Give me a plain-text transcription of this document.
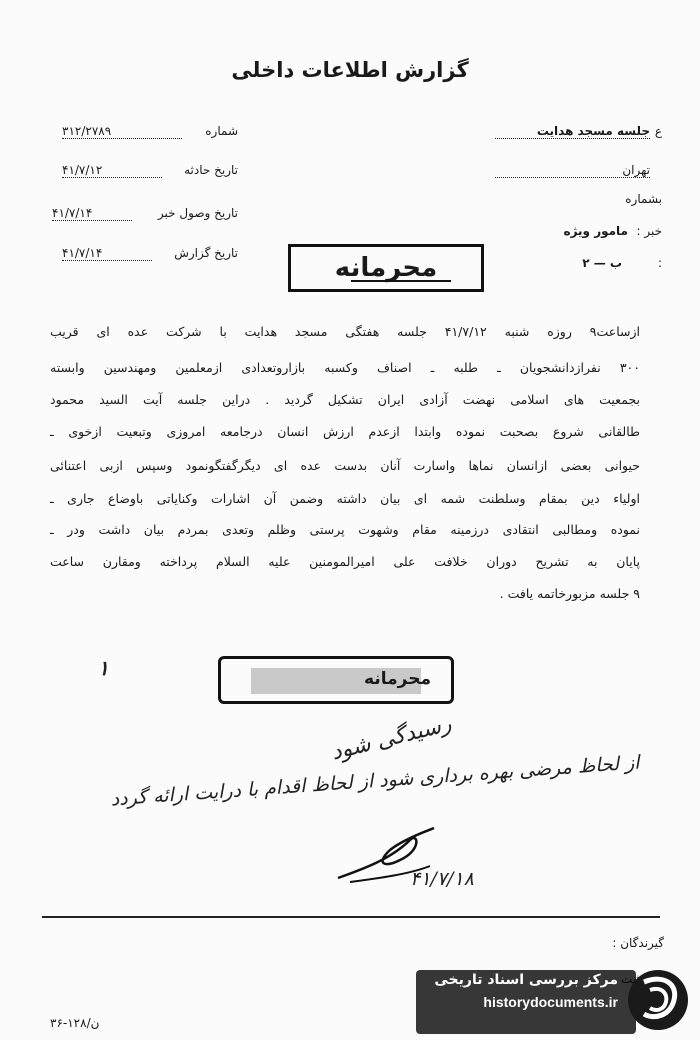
گزارش اطلاعات داخلی
شماره
۳۱۲/۲۷۸۹
تاریخ حادثه
۴۱/۷/۱۲
تاریخ وصول خبر
۴۱/۷/۱۴
تاریخ گزارش
۴۱/۷/۱۴
ع
جلسه مسجد هدایت
تهران
بشماره
خبر :
مامور ویژه
ب — ۲	:
محرمانه
ازساعت۹ روزه شنبه ۴۱/۷/۱۲ جلسه هفتگی مسجد هدایت با شرکت عده ای قریب
۳۰۰ نفرازدانشجویان ـ طلبه ـ اصناف وکسبه بازاروتعدادی ازمعلمین ومهندسین وابسته
بجمعیت های اسلامی نهضت آزادی ایران تشکیل گردید . دراین جلسه آیت السید محمود
طالقانی شروع بصحبت نموده وابتدا ازعدم ارزش انسان درجامعه امروزی وتبعیت ازخوی ـ
حیوانی بعضی ازانسان نماها واسارت آنان بدست عده ای دیگرگفتگونمود وسپس ازبی اعتنائی
اولیاء دین بمقام وسلطنت شمه ای بیان داشته وضمن آن اشارات وکنایاتی باوضاع جاری ـ
نموده ومطالبی انتقادی درزمینه مقام وشهوت پرستی وظلم وتعدی بمردم بیان داشت ودر ـ
پایان به تشریح دوران خلافت علی امیرالمومنین علیه السلام پرداخته ومقارن ساعت
۹ جلسه مزبورخاتمه یافت .
۱	محرمانه
رسیدگی شود
از لحاظ مرضی بهره برداری شود از لحاظ اقدام با درایت ارائه گردد
۴۱/۷/۱۸
گیرندگان :
ن/۱۲۸-۳۶
مرکز بررسی اسناد تاریخی
historydocuments.ir
